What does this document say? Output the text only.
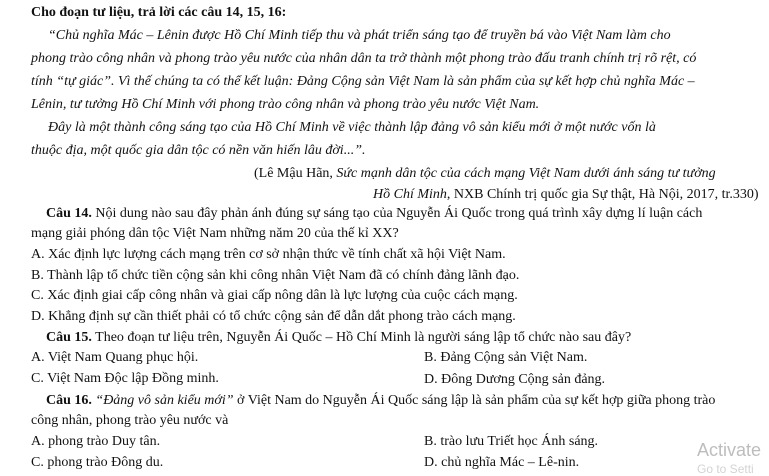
Cho đoạn tư liệu, trả lời các câu 14, 15, 16:
“Chủ nghĩa Mác – Lênin được Hồ Chí Minh tiếp thu và phát triển sáng tạo để truyền bá vào Việt Nam làm cho
phong trào công nhân và phong trào yêu nước của nhân dân ta trở thành một phong trào đấu tranh chính trị rõ rệt, có
tính “tự giác”. Vì thế chúng ta có thể kết luận: Đảng Cộng sản Việt Nam là sản phẩm của sự kết hợp chủ nghĩa Mác –
Lênin, tư tưởng Hồ Chí Minh với phong trào công nhân và phong trào yêu nước Việt Nam.
Đây là một thành công sáng tạo của Hồ Chí Minh về việc thành lập đảng vô sản kiểu mới ở một nước vốn là
thuộc địa, một quốc gia dân tộc có nền văn hiến lâu đời...”.
(Lê Mậu Hãn, Sức mạnh dân tộc của cách mạng Việt Nam dưới ánh sáng tư tưởng
Hồ Chí Minh, NXB Chính trị quốc gia Sự thật, Hà Nội, 2017, tr.330)
Câu 14. Nội dung nào sau đây phản ánh đúng sự sáng tạo của Nguyễn Ái Quốc trong quá trình xây dựng lí luận cách
mạng giải phóng dân tộc Việt Nam những năm 20 của thế kỉ XX?
A. Xác định lực lượng cách mạng trên cơ sở nhận thức về tính chất xã hội Việt Nam.
B. Thành lập tổ chức tiền cộng sản khi công nhân Việt Nam đã có chính đảng lãnh đạo.
C. Xác định giai cấp công nhân và giai cấp nông dân là lực lượng của cuộc cách mạng.
D. Khẳng định sự cần thiết phải có tổ chức cộng sản để dẫn dắt phong trào cách mạng.
Câu 15. Theo đoạn tư liệu trên, Nguyễn Ái Quốc – Hồ Chí Minh là người sáng lập tổ chức nào sau đây?
A. Việt Nam Quang phục hội.	B. Đảng Cộng sản Việt Nam.
C. Việt Nam Độc lập Đồng minh.	D. Đông Dương Cộng sản đảng.
Câu 16. “Đảng vô sản kiểu mới” ở Việt Nam do Nguyễn Ái Quốc sáng lập là sản phẩm của sự kết hợp giữa phong trào
công nhân, phong trào yêu nước và
A. phong trào Duy tân.	B. trào lưu Triết học Ánh sáng.
C. phong trào Đông du.	D. chủ nghĩa Mác – Lê-nin.
Activate
Go to Setti
